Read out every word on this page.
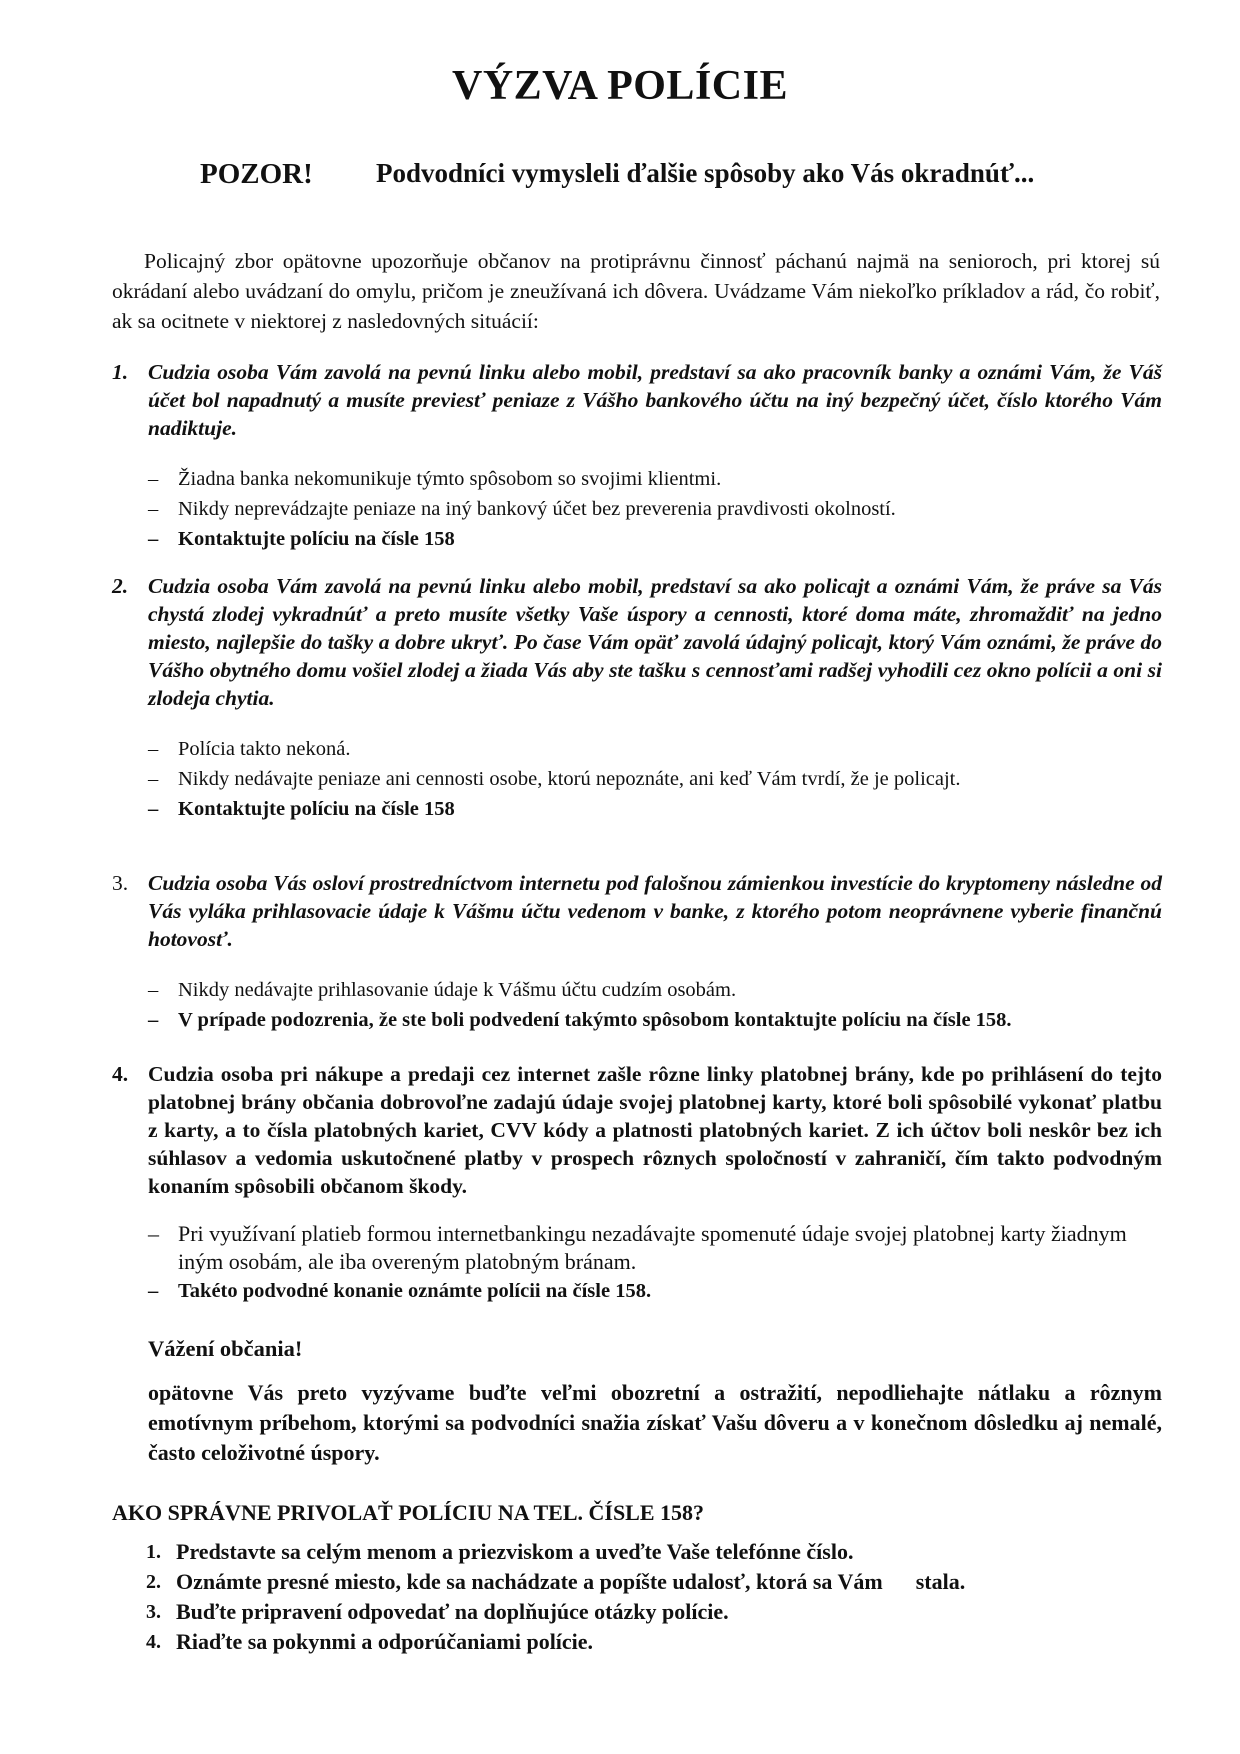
VÝZVA POLÍCIE
POZOR! Podvodníci vymysleli ďalšie spôsoby ako Vás okradnúť...
Policajný zbor opätovne upozorňuje občanov na protiprávnu činnosť páchanú najmä na senioroch, pri ktorej sú okrádaní alebo uvádzaní do omylu, pričom je zneužívaná ich dôvera. Uvádzame Vám niekoľko príkladov a rád, čo robiť, ak sa ocitnete v niektorej z nasledovných situácií:
1. Cudzia osoba Vám zavolá na pevnú linku alebo mobil, predstaví sa ako pracovník banky a oznámi Vám, že Váš účet bol napadnutý a musíte previesť peniaze z Vášho bankového účtu na iný bezpečný účet, číslo ktorého Vám nadiktuje.
– Žiadna banka nekomunikuje týmto spôsobom so svojimi klientmi.
– Nikdy neprevádzajte peniaze na iný bankový účet bez preverenia pravdivosti okolností.
– Kontaktujte políciu na čísle 158
2. Cudzia osoba Vám zavolá na pevnú linku alebo mobil, predstaví sa ako policajt a oznámi Vám, že práve sa Vás chystá zlodej vykradnúť a preto musíte všetky Vaše úspory a cennosti, ktoré doma máte, zhromaždiť na jedno miesto, najlepšie do tašky a dobre ukryť. Po čase Vám opäť zavolá údajný policajt, ktorý Vám oznámi, že práve do Vášho obytného domu vošiel zlodej a žiada Vás aby ste tašku s cennosťami radšej vyhodili cez okno polícii a oni si zlodeja chytia.
– Polícia takto nekoná.
– Nikdy nedávajte peniaze ani cennosti osobe, ktorú nepoznáte, ani keď Vám tvrdí, že je policajt.
– Kontaktujte políciu na čísle 158
3. Cudzia osoba Vás osloví prostredníctvom internetu pod falošnou zámienkou investície do kryptomeny následne od Vás vyláka prihlasovacie údaje k Vášmu účtu vedenom v banke, z ktorého potom neoprávnene vyberie finančnú hotovosť.
– Nikdy nedávajte prihlasovanie údaje k Vášmu účtu cudzím osobám.
– V prípade podozrenia, že ste boli podvedení takýmto spôsobom kontaktujte políciu na čísle 158.
4. Cudzia osoba pri nákupe a predaji cez internet zašle rôzne linky platobnej brány, kde po prihlásení do tejto platobnej brány občania dobrovoľne zadajú údaje svojej platobnej karty, ktoré boli spôsobilé vykonať platbu z karty, a to čísla platobných kariet, CVV kódy a platnosti platobných kariet. Z ich účtov boli neskôr bez ich súhlasov a vedomia uskutočnené platby v prospech rôznych spoločností v zahraničí, čím takto podvodným konaním spôsobili občanom škody.
– Pri využívaní platieb formou internetbankingu nezadávajte spomenuté údaje svojej platobnej karty žiadnym iným osobám, ale iba overeným platobným bránam.
– Takéto podvodné konanie oznámte polícii na čísle 158.
Vážení občania!
opätovne Vás preto vyzývame buďte veľmi obozretní a ostražití, nepodliehajte nátlaku a rôznym emotívnym príbehom, ktorými sa podvodníci snažia získať Vašu dôveru a v konečnom dôsledku aj nemalé, často celoživotné úspory.
AKO SPRÁVNE PRIVOLAŤ POLÍCIU NA TEL. ČÍSLE 158?
1. Predstavte sa celým menom a priezviskom a uveďte Vaše telefónne číslo.
2. Oznámte presné miesto, kde sa nachádzate a popíšte udalosť, ktorá sa Vám      stala.
3. Buďte pripravení odpovedať na doplňujúce otázky polície.
4. Riaďte sa pokynmi a odporúčaniami polície.
